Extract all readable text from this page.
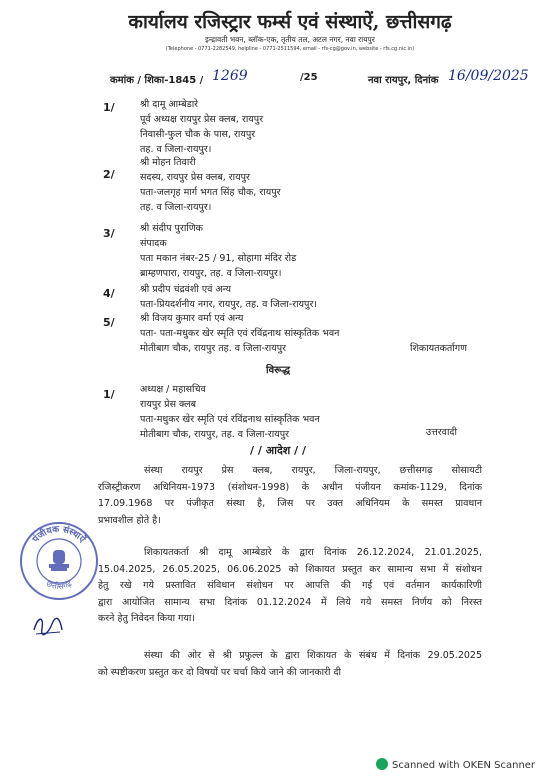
कार्यालय रजिस्ट्रार फर्म्स एवं संस्थाऐं, छत्तीसगढ़
इन्द्रावती भवन, ब्लॉक-एक, तृतीय तल, अटल नगर, नवा रायपुर
(Telephone - 0771-2282549, helpline - 0771-2511594, email - rfs-cg@gov.in, website - rfs.cg.nic.in)
कमांक / शिका-1845 / 1269	/25	नवा रायपुर, दिनांक 16/09/2025
1/	श्री दामू आम्बेडारे
पूर्व अध्यक्ष रायपुर प्रेस क्लब, रायपुर
निवासी-फुल चौक के पास, रायपुर
तह. व जिला-रायपुर।
2/
श्री मोहन तिवारी
सदस्य, रायपुर प्रेस क्लब, रायपुर
पता-जलगृह मार्ग भगत सिंह चौक, रायपुर
तह. व जिला-रायपुर।
3/	श्री संदीप पुराणिक
संपादक
पता मकान नंबर-25 / 91, सोहागा मंदिर रोड
ब्राम्हणपारा, रायपुर, तह. व जिला-रायपुर।
4/	श्री प्रदीप चंद्रवंशी एवं अन्य
पता-प्रियदर्शनीय नगर, रायपुर, तह. व जिला-रायपुर।
5/	श्री विजय कुमार वर्मा एवं अन्य
पता- पता-मधुकर खेर स्मृति एवं रविंद्रनाथ सांस्कृतिक भवन
मोतीबाग चौक, रायपुर तह. व जिला-रायपुर	शिकायतकर्तागण
विरूद्ध
1/	अध्यक्ष / महासचिव
रायपुर प्रेस क्लब
पता-मधुकर खेर स्मृति एवं रविंद्रनाथ सांस्कृतिक भवन
मोतीबाग चौक, रायपुर, तह. व जिला-रायपुर	उत्तरवादी
/ / आदेश / /
संस्था रायपुर प्रेस क्लब, रायपुर, जिला-रायपुर, छत्तीसगढ़ सोसायटी
रजिस्ट्रीकरण अधिनियम-1973 (संशोधन-1998) के अधीन पंजीयन कमांक-1129, दिनांक
17.09.1968 पर पंजीकृत संस्था है, जिस पर उक्त अधिनियम के समस्त प्रावधान
प्रभावशील होते है।
शिकायतकर्ता श्री दामू आम्बेडारे के द्वारा दिनांक 26.12.2024, 21.01.2025,
15.04.2025, 26.05.2025, 06.06.2025 को शिकायत प्रस्तुत कर सामान्य सभा में संशोधन
हेतु रखे गये प्रस्तावित संविधान संशोधन पर आपत्ति की गई एवं वर्तमान कार्यकारिणी
द्वारा आयोजित सामान्य सभा दिनांक 01.12.2024 में लिये गये समस्त निर्णय को निरस्त
करने हेतु निवेदन किया गया।
संस्था की ओर से श्री प्रफुल्ल के द्वारा शिकायत के संबंध में दिनांक 29.05.2025
को स्पष्टीकरण प्रस्तुत कर दो विषयों पर चर्चा किये जाने की जानकारी दी
पंजीयक संस्थाऐं
छत्तीसगढ़
Scanned with OKEN Scanner
